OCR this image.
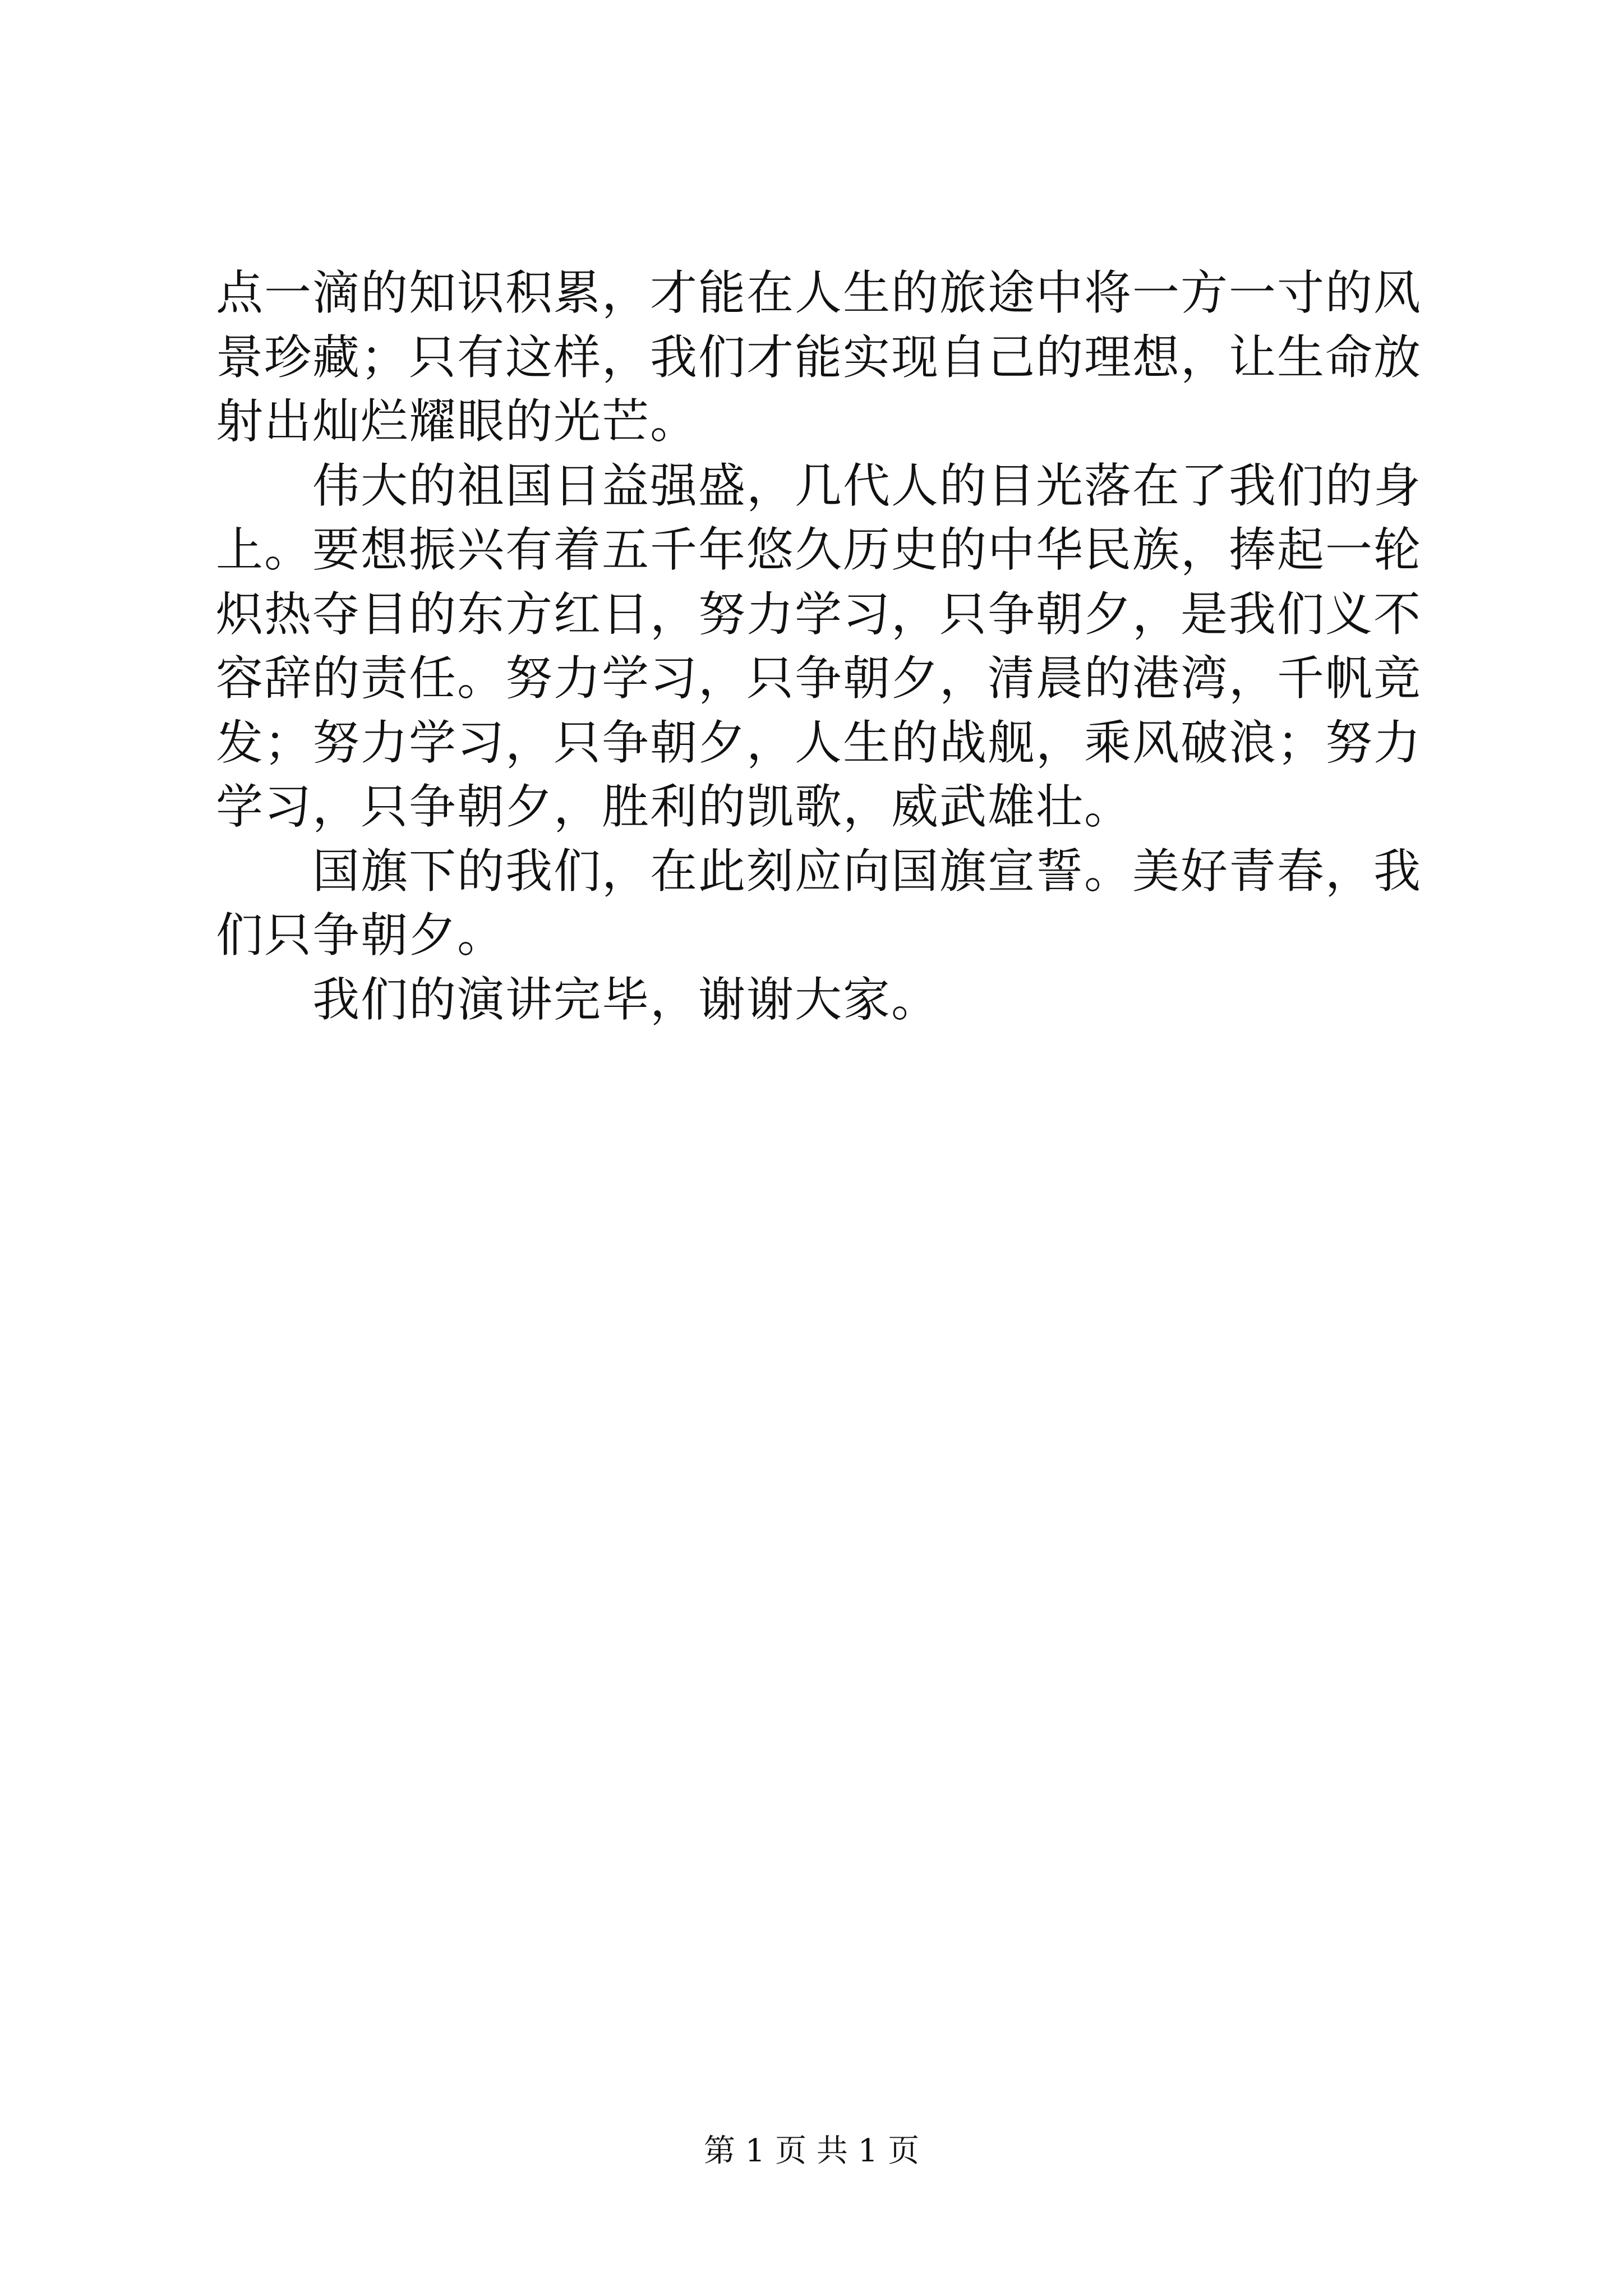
点一滴的知识积累，才能在人生的旅途中将一方一寸的风景珍藏；只有这样，我们才能实现自己的理想，让生命放射出灿烂耀眼的光芒。

伟大的祖国日益强盛，几代人的目光落在了我们的身上。要想振兴有着五千年悠久历史的中华民族，捧起一轮炽热夺目的东方红日，努力学习，只争朝夕，是我们义不容辞的责任。努力学习，只争朝夕，清晨的港湾，千帆竞发；努力学习，只争朝夕，人生的战舰，乘风破浪；努力学习，只争朝夕，胜利的凯歌，威武雄壮。

国旗下的我们，在此刻应向国旗宣誓。美好青春，我们只争朝夕。

我们的演讲完毕，谢谢大家。

第 1 页 共 1 页
